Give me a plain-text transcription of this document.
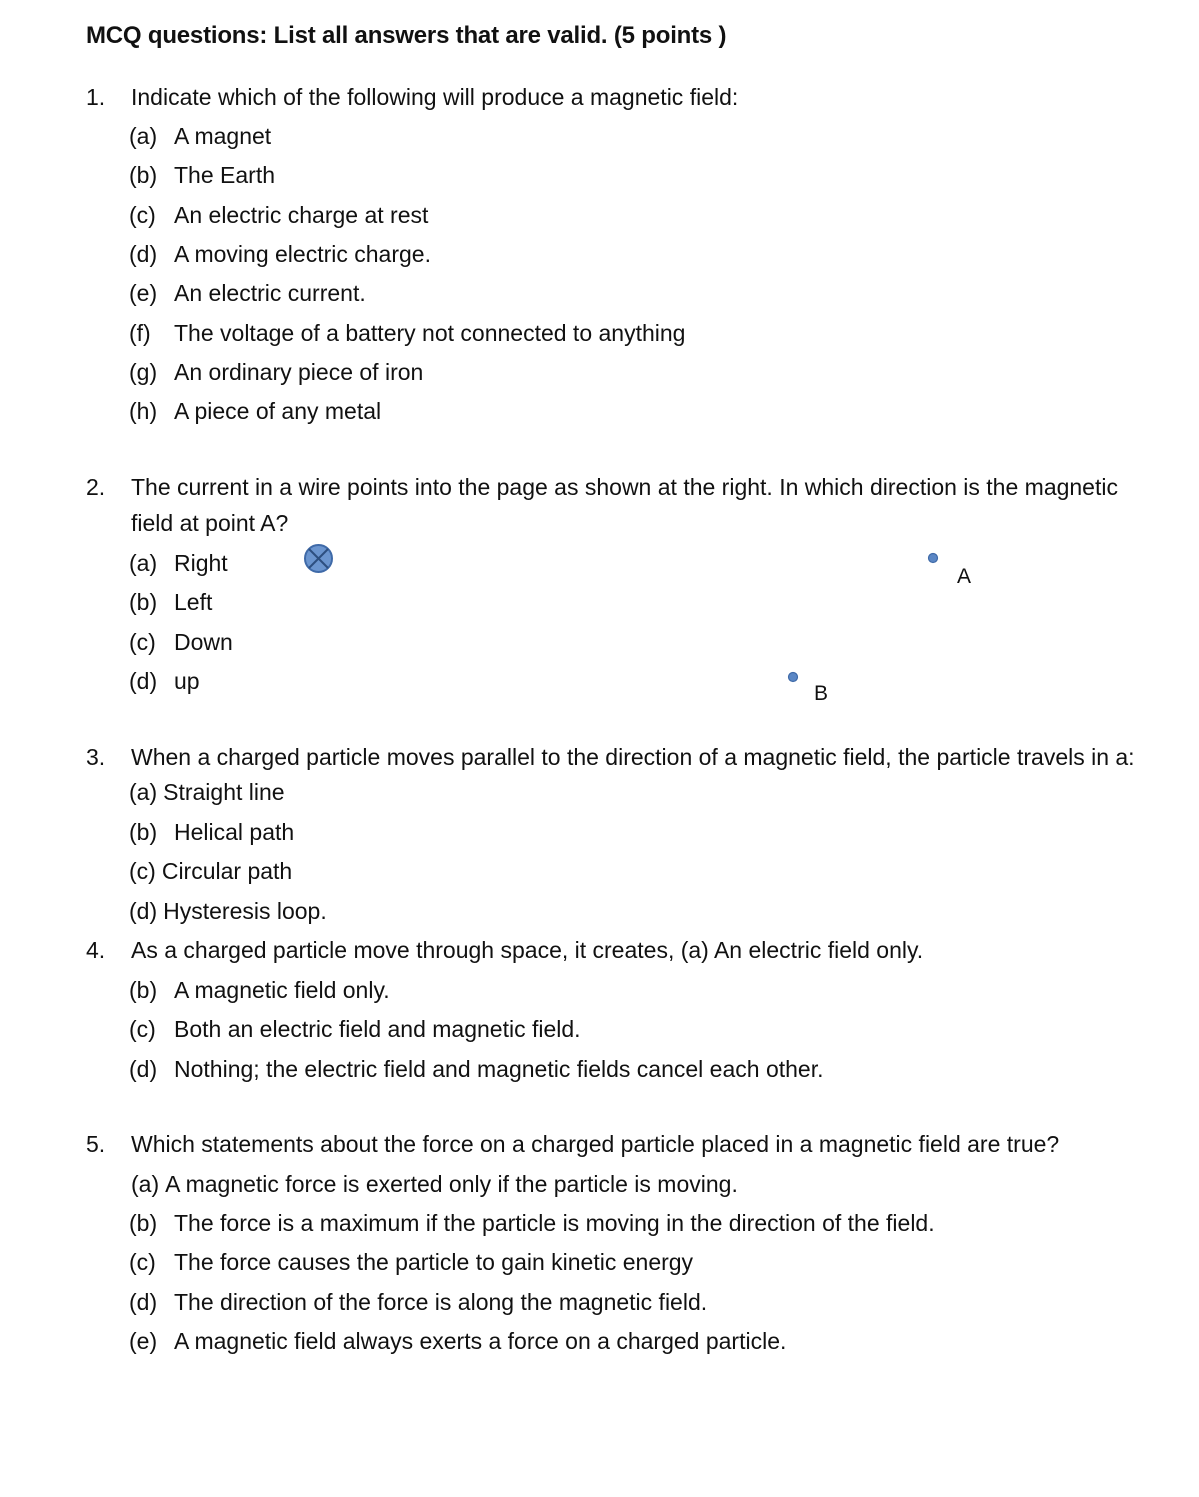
MCQ questions: List all answers that are valid. (5 points )
1. Indicate which of the following will produce a magnetic field:
(a) A magnet
(b) The Earth
(c) An electric charge at rest
(d) A moving electric charge.
(e) An electric current.
(f) The voltage of a battery not connected to anything
(g) An ordinary piece of iron
(h) A piece of any metal
2. The current in a wire points into the page as shown at the right. In which direction is the magnetic
field at point A?
(a) Right
(b) Left
(c) Down
(d) up
A
B
3. When a charged particle moves parallel to the direction of a magnetic field, the particle travels in a:
(a) Straight line
(b) Helical path
(c) Circular path
(d) Hysteresis loop.
4. As a charged particle move through space, it creates, (a) An electric field only.
(b) A magnetic field only.
(c) Both an electric field and magnetic field.
(d) Nothing; the electric field and magnetic fields cancel each other.
5. Which statements about the force on a charged particle placed in a magnetic field are true?
(a) A magnetic force is exerted only if the particle is moving.
(b) The force is a maximum if the particle is moving in the direction of the field.
(c) The force causes the particle to gain kinetic energy
(d) The direction of the force is along the magnetic field.
(e) A magnetic field always exerts a force on a charged particle.
